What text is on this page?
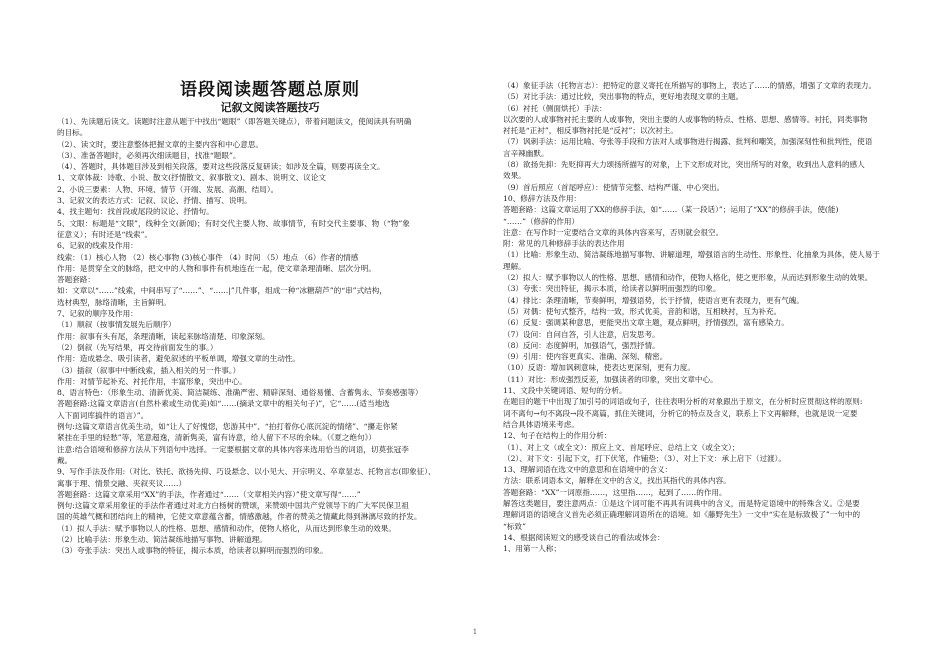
语段阅读题答题总原则
记叙文阅读答题技巧
（1）、先读题后读文。读题时注意从题干中找出“题眼”（即答题关键点），带着问题读文，使阅读具有明确
的目标。
（2）、读文时，要注意整体把握文章的主要内容和中心意思。
（3）、准备答题时，必须再次细读题目，找准“题眼”。
（4）、答题时，具体题目涉及到相关段落，要对这些段落反复研读；如涉及全篇，则要再读全文。
1、文章体裁：诗歌、小说、散文(抒情散文、叙事散文)、剧本、说明文、议论文
2、小说三要素：人物、环境、情节（开端、发展、高潮、结局）。
3、记叙文的表达方式：记叙、议论、抒情、描写、说明。
4、找主题句：找首段或尾段的议论、抒情句。
5、文眼：标题是“文眼”，线种全文(新闻)；有时交代主要人物、故事情节，有时交代主要事、物（“物”象
征意义）；有时还是“线索”。
6、记叙的线索及作用：
线索：（1）核心人物 （2）核心事物 (3)核心事件 （4）时间 （5）地点 （6）作者的情感
作用：是贯穿全文的脉络，把文中的人物和事件有机地连在一起，使文章条理清晰、层次分明。
答题套路：
如：文章以“……”线索，中间串写了“……”、“……|”几件事，组成一种“冰糖葫芦”的“串”式结构，
选材典型，脉络清晰，主旨鲜明。
7、记叙的顺序及作用：
（1）顺叙（按事情发展先后顺序）
作用：叙事有头有尾，条理清晰，读起来脉络清楚、印象深刻。
（2）倒叙（先写结果，再交待前面发生的事。）
作用：造成悬念、吸引读者，避免叙述的平板单调，增强文章的生动性。
（3）插叙（叙事中中断线索，插入相关的另一件事。）
作用：对情节起补充、衬托作用，丰富形象，突出中心。
8、语言特色：（形象生动、清新优美、简洁凝练、准确严密、精辟深刻、通俗易懂、含蓄隽永、节奏感强等）
答题套路:这篇文章语言(自然朴素或生动优美)如“……(摘录文章中的相关句子)”，它“……(适当地选
入下面词库搞件的语言）”。
例句:这篇文章语言优美生动，如“让人了好愧惚，您游其中”、“拍打着你心底沉淀的情绪”、“攥走你紧
紧挂在手里的轻愁”等，笔意超逸，清新隽美，富有诗意，给人留下不尽的余味。（《夏之绝句》）
注意:结合语境和修辞方法从下列语句中选择。一定要根据文章的具体内容来选用恰当的词语，切莫张冠李
戴。
9、写作手法及作用:（对比、铁托、欲扬先抑、巧设悬念、以小见大、开宗明义、卒章显志、托物言志(即象征）、
寓事于理、情景交融、夹叙夹议……）
答题套路：这篇文章采用“XX”的手法，作者通过“……（文章相关内容）”使文章写得“……”
例句:这篇文章采用象征的手法作者通过对北方白杨树的赞颂，来赞颂中国共产党领导下的广大军民保卫祖
国的英雄气概和团结向上的精神，它使文章意蕴含蓄，情感激越，作者的赞美之情藏此得到淋漓尽致的抒发。
（1）拟人手法：赋予事物以人的性格、思想、感情和动作，使物人格化，从而达到形象生动的效果。
（2）比喻手法：形象生动、简洁凝练地描写事物、讲解道理。
（3）夸张手法：突出人或事物的特征，揭示本质，给读者以鲜明而强烈的印象。
（4）象征手法（托物言志）：把特定的意义寄托在所描写的事物上，表达了……的情感，增强了文章的表现力。
（5）对比手法：通过比较，突出事物的特点，更好地表现文章的主题。
（6）衬托（侧面烘托）手法：
以次要的人或事物衬托主要的人或事物，突出主要的人或事物的特点、性格、思想、感情等。衬托，同类事物
衬托是“正衬”，相反事物衬托是“反衬”；以次衬主。
（7）讽刺手法：运用比喻、夸张等手段和方法对人或事物进行揭露、批判和嘲笑，加强深刻性和批判性，使语
言辛辣幽默。
（8）欲扬先抑：先贬抑再大力颂扬所描写的对象，上下文形成对比，突出所写的对象，收到出人意料的感人
效果。
（9）首后照应（首尾呼应）：使情节完整、结构严谨、中心突出。
10、修辞方法及作用：
答题套路：这篇文章运用了XX的修辞手法，如“……（某一段话）”；运用了“XX”的修辞手法，使(能)
“……”（修辞的作用）
注意：在写作时一定要结合文章的具体内容来写，否则就会很空。
附：常见的几种修辞手法的表达作用
（1）比喻：形象生动、简洁凝练地描写事物、讲解道理，增强语言的生动性、形象性、化抽象为具体，使人易于
理解。
（2）拟人：赋予事物以人的性格、思想、感情和动作，使物人格化，使之更形象，从而达到形象生动的效果。
（3）夸张：突出特征，揭示本质，给读者以鲜明而强烈的印象。
（4）排比：条理清晰，节奏鲜明，增强语势，长于抒情，使语言更有表现力，更有气魄。
（5）对偶：使句式整齐，结构一致，形式优美，音韵和谐，互相映衬，互为补充。
（6）反复：强调某种意思，更能突出文章主题，观点鲜明，抒情强烈，富有感染力。
（7）设问：自问自答，引人注意，启发思考。
（8）反问：态度鲜明，加强语气，强烈抒情。
（9）引用：使内容更真实、准确、深刻、精密。
（10）反语：增加讽刺意味，使表达更深刻，更有力度。
（11）对比：形成强烈反差，加强读者的印象，突出文章中心。
11、文段中关键词语、短句的分析。
在题目的题干中出现了加引号的词语或句子，往往表明分析的对象跟出于原文，在分析时应贯彻这样的原则:
词不离句→句不离段→段不离篇，抓住关键词，分析它的特点及含义，联系上下文再解释，也就是说一定要
结合具体语境来考虑。
12、句子在结构上的作用分析：
（1）、对上文（或全文）：照应上文、首尾呼应、总结上文（或全文）；
（2）、对下文：引起下文，打下伏笔，作铺垫；（3）、对上下文：承上启下（过渡）。
13、理解词语在选文中的意思和在语境中的含义：
方法：联系词语本文，解释在文中的含义，找出其指代的具体内容。
答题套路：“XX”一词原指……，这里指……，起到了……的作用。
解答这类题目，要注意两点：①是这个词可能不再具有词典中的含义，而是特定语境中的特殊含义。②是要
理解词语的语境含义首先必须正确理解词语所在的语境。如《藤野先生》一文中“实在是标致极了”一句中的
“标致”
14、根据阅读短文的感受谈自己的看法或体会：
1、用第一人称；
1
